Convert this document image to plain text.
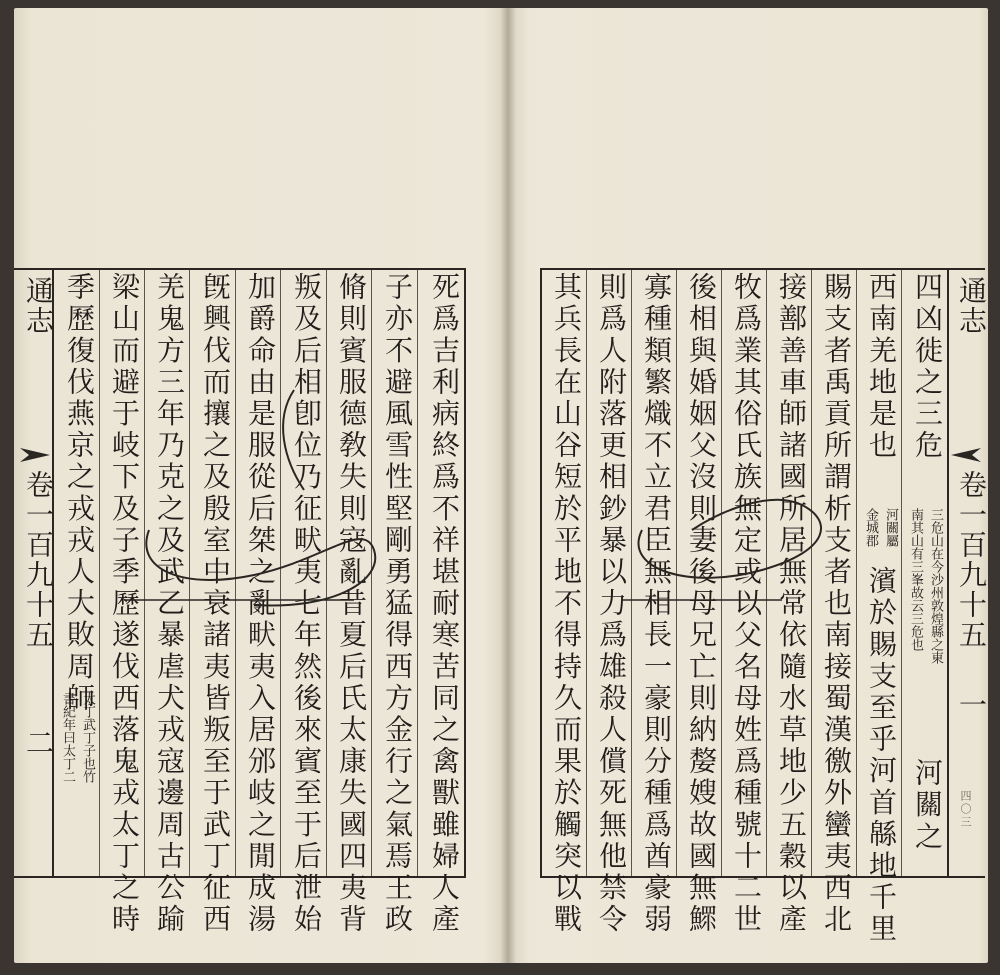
通志
卷一百九十五
二
季歷復伐燕京之戎戎人大敗周師
太丁武丁子也竹
書紀年曰太丁二 梁山而避于岐下及子季歷遂伐西落鬼戎太丁之時 羌鬼方三年乃克之及武乙暴虐犬戎寇邊周古公踰 旣興伐而攘之及殷室中衰諸夷皆叛至于武丁征西 加爵命由是服從后桀之亂畎夷入居邠岐之閒成湯 叛及后相卽位乃征畎夷七年然後來賓至于后泄始 脩則賓服德敎失則寇亂昔夏后氏太康失國四夷背 子亦不避風雪性堅剛勇猛得西方金行之氣焉王政 死爲吉利病終爲不祥堪耐寒苦同之禽獸雖婦人產	其兵長在山谷短於平地不得持久而果於觸突以戰 則爲人附落更相鈔暴以力爲雄殺人償死無他禁令 寡種類繁熾不立君臣無相長一豪則分種爲酋豪弱 後相與婚姻父沒則妻後母兄亡則納嫠嫂故國無鰥 牧爲業其俗氏族無定或以父名母姓爲種號十二世 接鄯善車師諸國所居無常依隨水草地少五穀以產 賜支者禹貢所謂析支者也南接蜀漢徼外蠻夷西北 西南羌地是也
河關屬
金城郡
濱於賜支至乎河首緜地千里
四凶徙之三危
三危山在今沙州敦煌縣之東
南其山有三峯故云三危也
河關之
通志
卷一百九十五
一
四〇三
